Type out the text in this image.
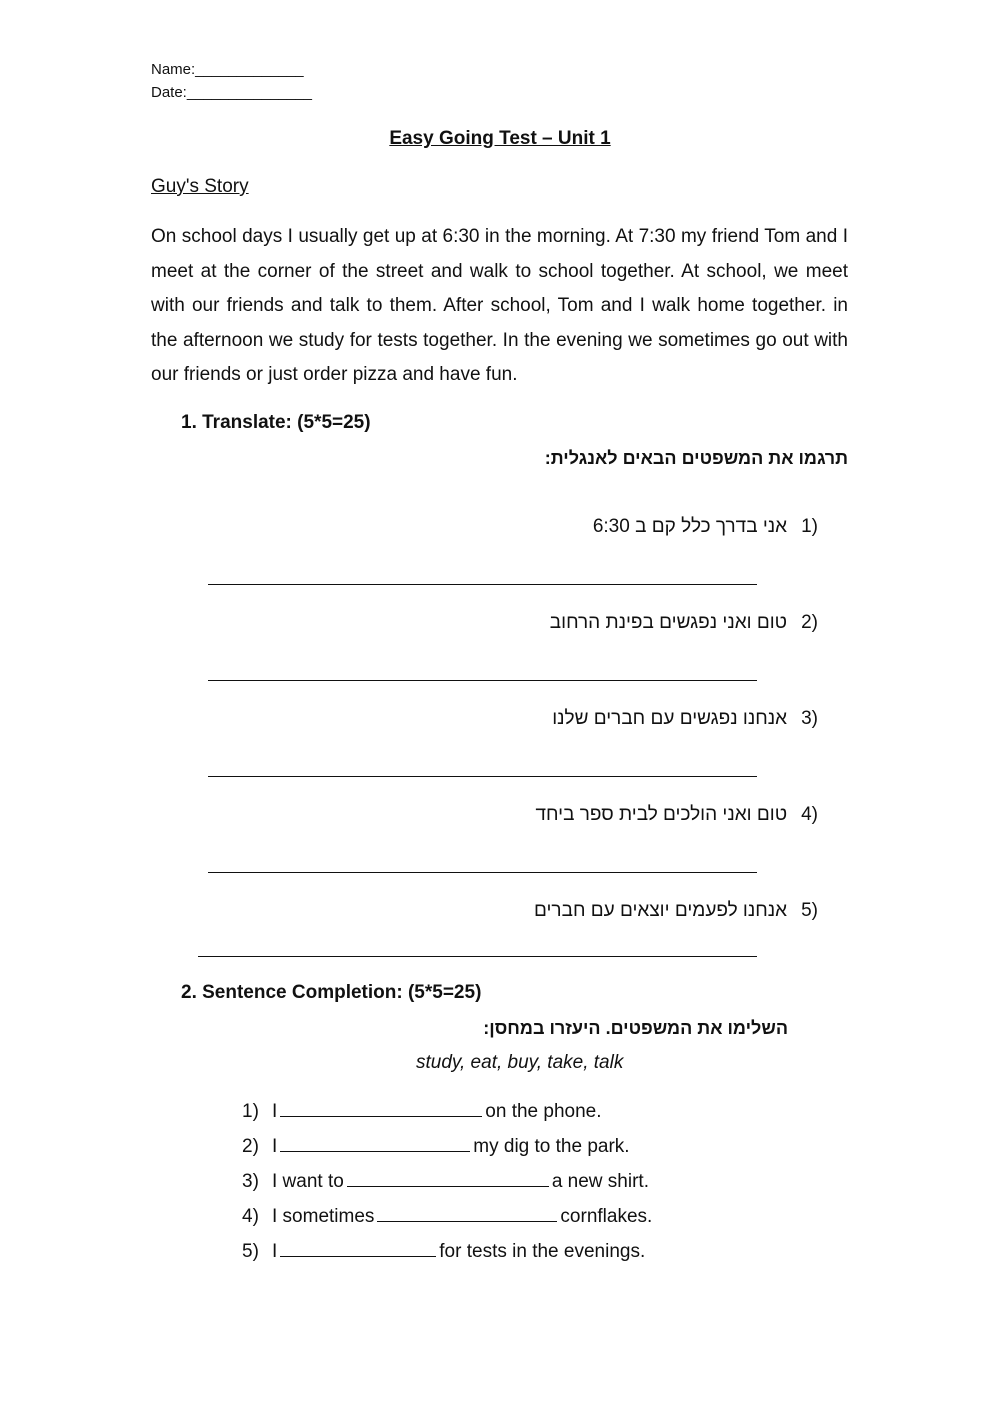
Name:_____________
Date:_______________
Easy Going Test – Unit 1
Guy's Story
On school days I usually get up at 6:30 in the morning. At 7:30 my friend Tom and I meet at the corner of the street and walk to school together. At school, we meet with our friends and talk to them. After school, Tom and I walk home together. in the afternoon we study for tests together. In the evening we sometimes go out with our friends or just order pizza and have fun.
1. Translate: (5*5=25)
תרגמו את המשפטים הבאים לאנגלית:
(1אני בדרך כלל קם ב 6:30
(2טום ואני נפגשים בפינת הרחוב
(3אנחנו נפגשים עם חברים שלנו
(4טום ואני הולכים לבית ספר ביחד
(5אנחנו לפעמים יוצאים עם חברים
2. Sentence Completion: (5*5=25)
השלימו את המשפטים. היעזרו במחסן:
study, eat, buy, take, talk
1) I	on the phone.
2) I	my dig to the park.
3) I want to	a new shirt.
4) I sometimes	cornflakes.
5) I	for tests in the evenings.
